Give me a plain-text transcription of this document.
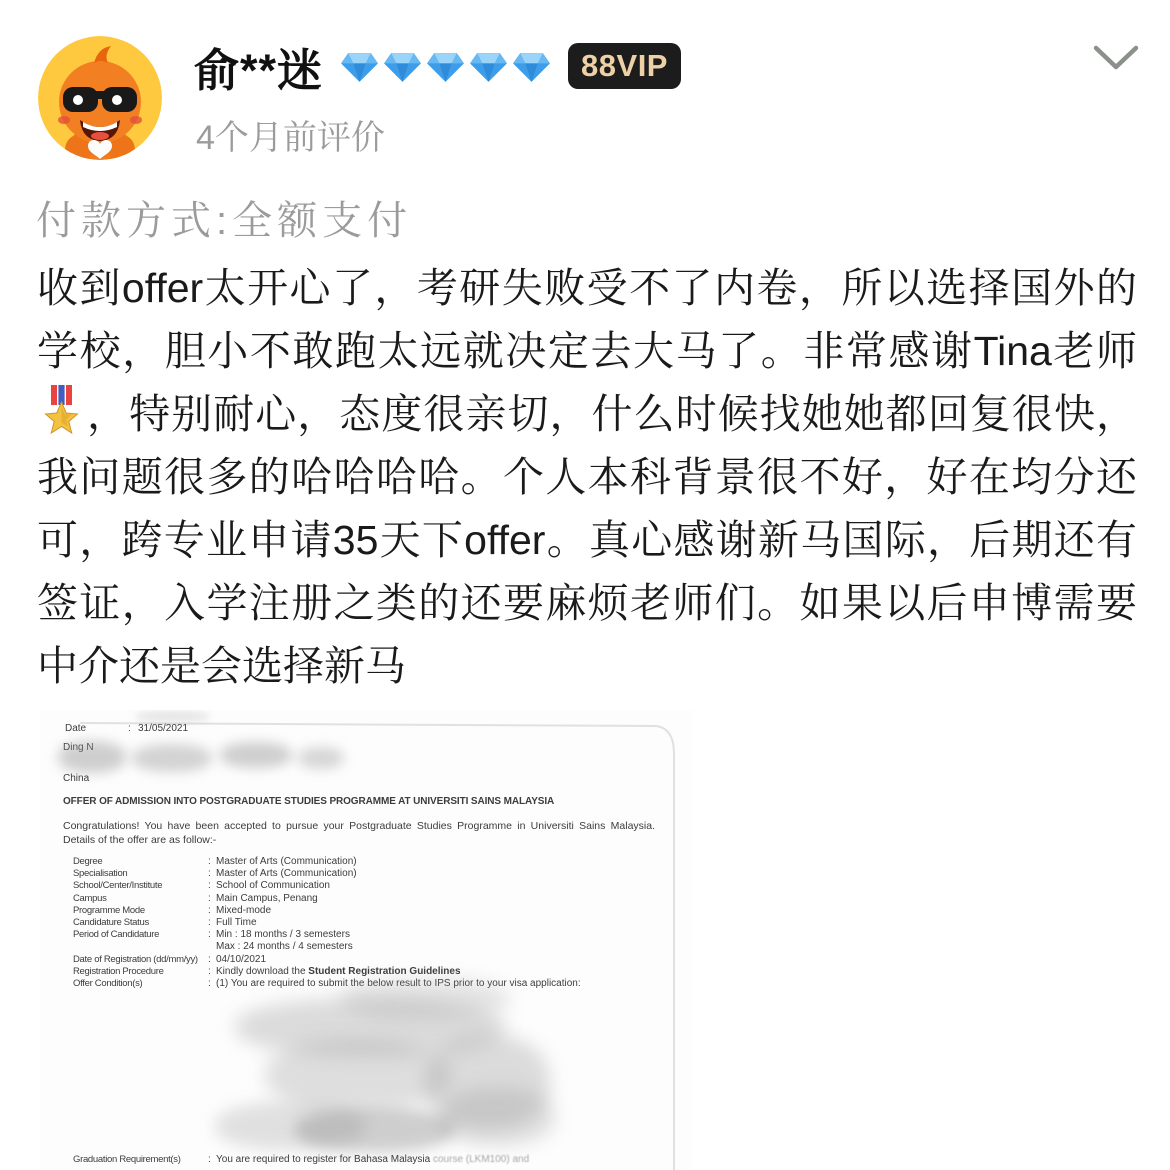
俞**迷	88VIP
4个月前评价
付款方式:全额支付
收到offer太开心了，考研失败受不了内卷，所以选择国外的学校，胆小不敢跑太远就决定去大马了。非常感谢Tina老师，特别耐心，态度很亲切，什么时候找她她都回复很快，我问题很多的哈哈哈哈。个人本科背景很不好，好在均分还可，跨专业申请35天下offer。真心感谢新马国际，后期还有签证，入学注册之类的还要麻烦老师们。如果以后申博需要中介还是会选择新马
Date	: 31/05/2021
Ding N
China
OFFER OF ADMISSION INTO POSTGRADUATE STUDIES PROGRAMME AT UNIVERSITI SAINS MALAYSIA
Congratulations! You have been accepted to pursue your Postgraduate Studies Programme in Universiti Sains Malaysia. Details of the offer are as follow:-
Degree	: Master of Arts (Communication)
Specialisation	: Master of Arts (Communication)
School/Center/Institute	: School of Communication
Campus	: Main Campus, Penang
Programme Mode	: Mixed-mode
Candidature Status	: Full Time
Period of Candidature	: Min : 18 months / 3 semesters
Max : 24 months / 4 semesters
Date of Registration (dd/mm/yy)	: 04/10/2021
Registration Procedure	: Kindly download the Student Registration Guidelines
Offer Condition(s)	: (1) You are required to submit the below result to IPS prior to your visa application:
Graduation Requirement(s)	: You are required to register for Bahasa Malaysia course (LKM100) and
